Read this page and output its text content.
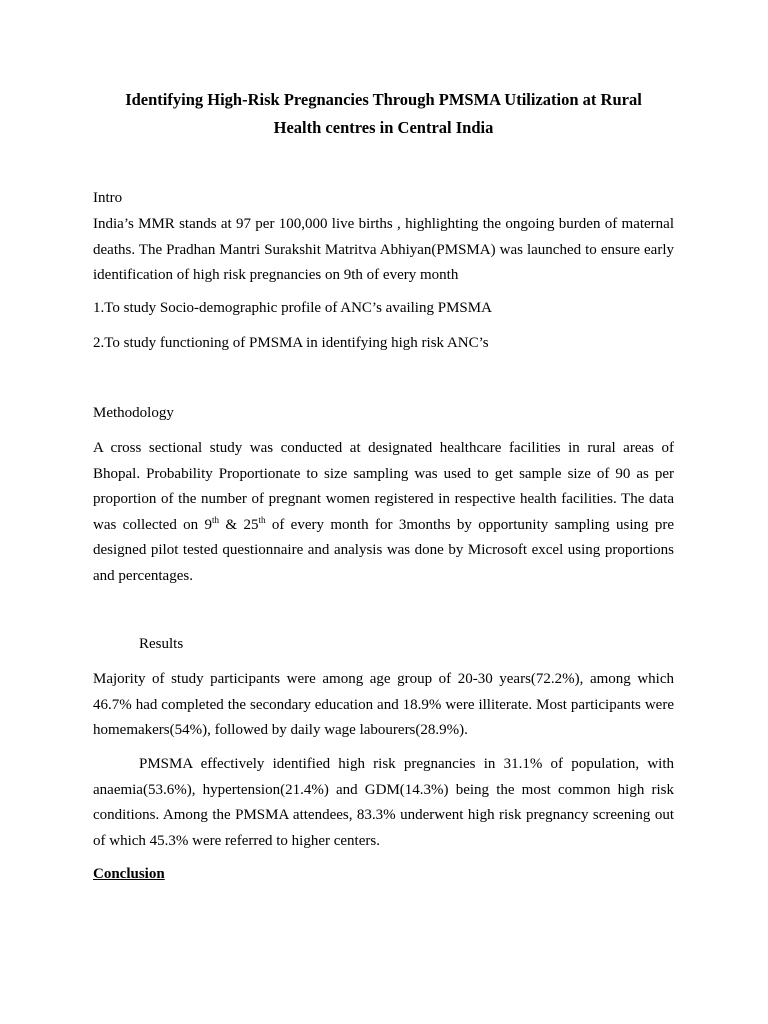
Identifying High-Risk Pregnancies Through PMSMA Utilization at Rural
Health centres in Central India
Intro
India’s MMR stands at 97 per 100,000 live births , highlighting the ongoing burden of maternal deaths. The Pradhan Mantri Surakshit Matritva Abhiyan(PMSMA) was launched to ensure early identification of high risk pregnancies on 9th of every month
1.To study Socio-demographic profile of ANC’s availing PMSMA
2.To study functioning of PMSMA in identifying high risk ANC’s
Methodology
A cross sectional study was conducted at designated healthcare facilities in rural areas of Bhopal. Probability Proportionate to size sampling was used to get sample size of 90 as per proportion of the number of pregnant women registered in respective health facilities. The data was collected on 9th & 25th of every month for 3months by opportunity sampling using pre designed pilot tested questionnaire and analysis was done by Microsoft excel using proportions and percentages.
Results
Majority of study participants were among age group of 20-30 years(72.2%), among which 46.7% had completed the secondary education and 18.9% were illiterate. Most participants were homemakers(54%), followed by daily wage labourers(28.9%).
PMSMA effectively identified high risk pregnancies in 31.1% of population, with anaemia(53.6%), hypertension(21.4%) and GDM(14.3%) being the most common high risk conditions. Among the PMSMA attendees, 83.3% underwent high risk pregnancy screening out of which 45.3% were referred to higher centers.
Conclusion
